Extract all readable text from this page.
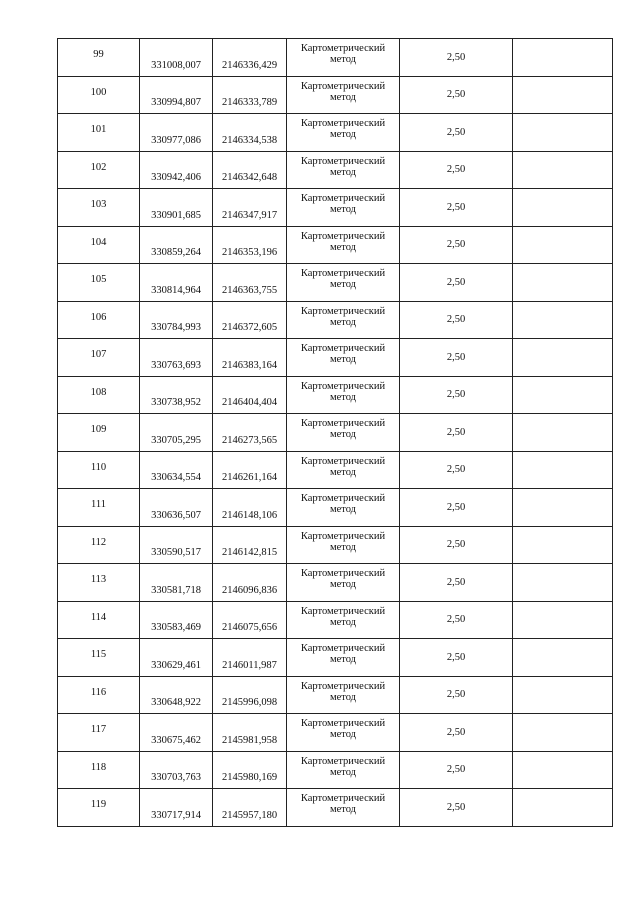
99	331008,007	2146336,429	Картометрический
метод	2,50	
100	330994,807	2146333,789	Картометрический
метод	2,50	
101	330977,086	2146334,538	Картометрический
метод	2,50	
102	330942,406	2146342,648	Картометрический
метод	2,50	
103	330901,685	2146347,917	Картометрический
метод	2,50	
104	330859,264	2146353,196	Картометрический
метод	2,50	
105	330814,964	2146363,755	Картометрический
метод	2,50	
106	330784,993	2146372,605	Картометрический
метод	2,50	
107	330763,693	2146383,164	Картометрический
метод	2,50	
108	330738,952	2146404,404	Картометрический
метод	2,50	
109	330705,295	2146273,565	Картометрический
метод	2,50	
110	330634,554	2146261,164	Картометрический
метод	2,50	
111	330636,507	2146148,106	Картометрический
метод	2,50	
112	330590,517	2146142,815	Картометрический
метод	2,50	
113	330581,718	2146096,836	Картометрический
метод	2,50	
114	330583,469	2146075,656	Картометрический
метод	2,50	
115	330629,461	2146011,987	Картометрический
метод	2,50	
116	330648,922	2145996,098	Картометрический
метод	2,50	
117	330675,462	2145981,958	Картометрический
метод	2,50	
118	330703,763	2145980,169	Картометрический
метод	2,50	
119	330717,914	2145957,180	Картометрический
метод	2,50	
